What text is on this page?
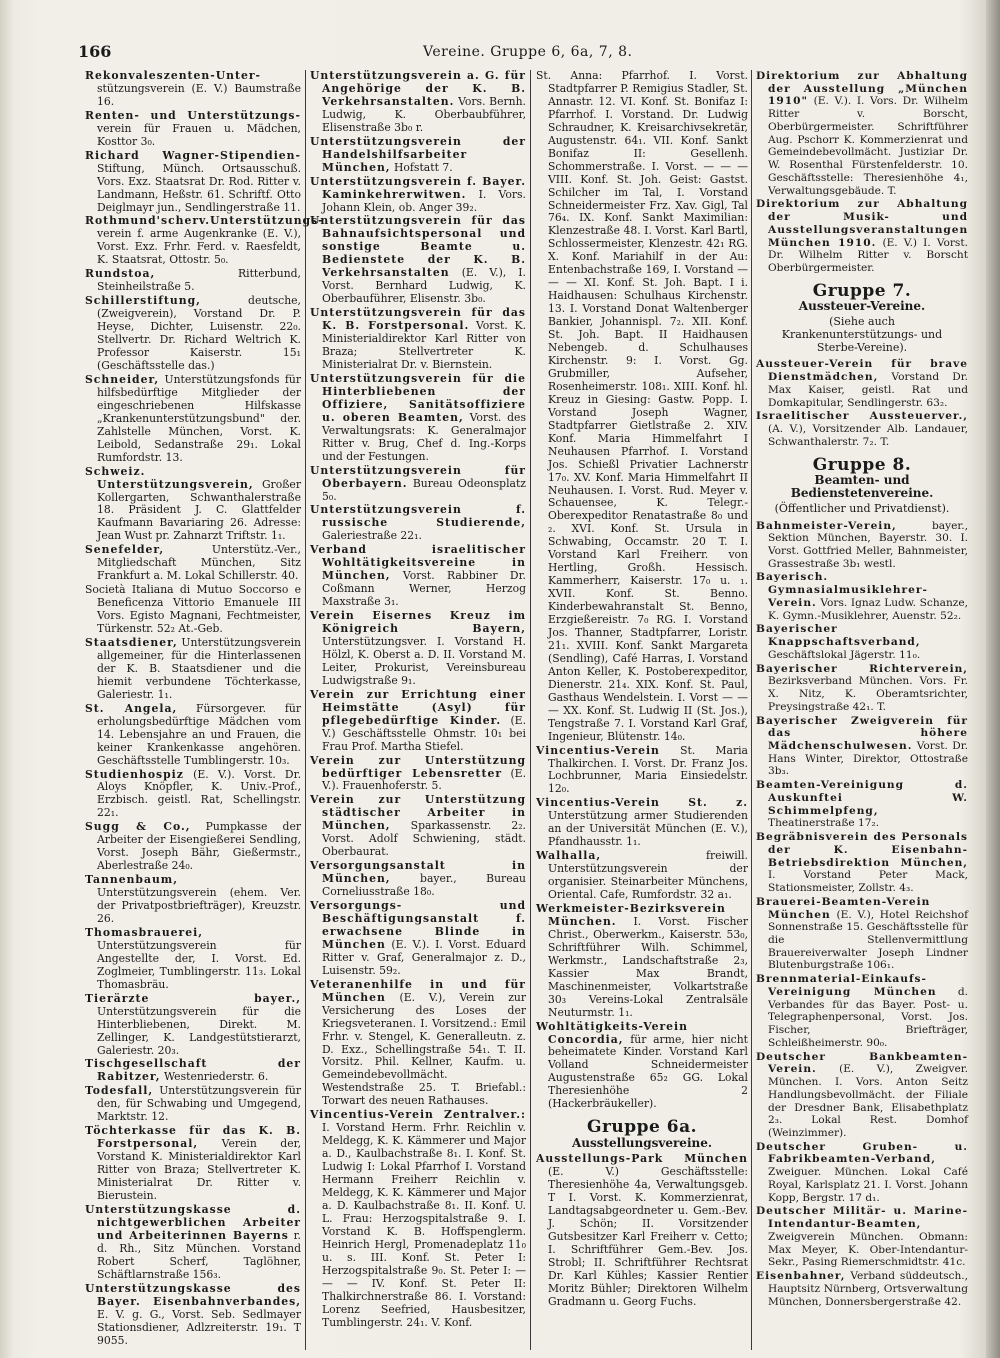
166	Vereine. Gruppe 6, 6a, 7, 8.

Rekonvaleszenten-Unter- stützungsverein (E. V.) Baumstraße 16.

Renten- und Unterstützungs- verein für Frauen u. Mädchen, Kosttor 3₀.

Richard Wagner-Stipendien- Stiftung, Münch. Ortsausschuß. Vors. Exz. Staatsrat Dr. Rod. Ritter v. Landmann, Heßstr. 61. Schriftf. Otto Deiglmayr jun., Sendlingerstraße 11.

Rothmund'scherv.Unterstützungs- verein f. arme Augenkranke (E. V.), Vorst. Exz. Frhr. Ferd. v. Raesfeldt, K. Staatsrat, Ottostr. 5₀.

Rundstoa,	Ritterbund, Steinheilstraße 5.

Schillerstiftung,	deutsche, (Zweigverein), Vorstand Dr. P. Heyse, Dichter, Luisenstr. 22₀. Stellvertr. Dr. Richard Weltrich K. Professor Kaiserstr. 15₁ (Geschäftsstelle das.)

Schneider, Unterstützungsfonds für hilfsbedürftige Mitglieder der eingeschriebenen Hilfskasse „Krankenunterstützungsbund" der. Zahlstelle München, Vorst. K. Leibold, Sedanstraße 29₁. Lokal Rumfordstr. 13.

Schweiz. Unterstützungsverein, Großer Kollergarten, Schwanthalerstraße 18. Präsident J. C. Glattfelder Kaufmann Bavariaring 26. Adresse: Jean Wust pr. Zahnarzt Triftstr. 1₁.

Senefelder,	Unterstütz.-Ver., Mitgliedschaft München, Sitz Frankfurt a. M. Lokal Schillerstr. 40.

Società Italiana di Mutuo Soccorso e Beneficenza Vittorio Emanuele III Vors. Egisto Magnani, Fechtmeister, Türkenstr. 52₂ At.-Geb.

Staatsdiener, Unterstützungsverein allgemeiner, für die Hinterlassenen der K. B. Staatsdiener und die hiemit verbundene Töchterkasse, Galeriestr. 1₁.

St. Angela, Fürsorgever. für erholungsbedürftige Mädchen vom 14. Lebensjahre an und Frauen, die keiner Krankenkasse angehören. Geschäftsstelle Tumblingerstr. 10₃.

Studienhospiz (E. V.). Vorst. Dr. Aloys Knöpfler, K. Univ.-Prof., Erzbisch. geistl. Rat, Schellingstr. 22₁.

Sugg & Co., Pumpkasse der Arbeiter der Eisengießerei Sendling, Vorst. Joseph Bähr, Gießermstr., Aberlestraße 24₀.

Tannenbaum, Unterstützungsverein (ehem. Ver. der Privatpostbriefträger), Kreuzstr. 26.

Thomasbrauerei, Unterstützungsverein für Angestellte der, I. Vorst. Ed. Zoglmeier, Tumblingerstr. 11₃. Lokal Thomasbräu.

Tierärzte bayer., Unterstützungsverein für die Hinterbliebenen, Direkt. M. Zellinger, K. Landgestütstierarzt, Galeriestr. 20₃.

Tischgesellschaft der Rabitzer, Westenriederstr. 6.

Todesfall, Unterstützungsverein für den, für Schwabing und Umgegend, Marktstr. 12.

Töchterkasse für das K. B. Forstpersonal, Verein der, Vorstand K. Ministerialdirektor Karl Ritter von Braza; Stellvertreter K. Ministerialrat Dr. Ritter v. Bierustein.

Unterstützungskasse d. nichtgewerblichen Arbeiter und Arbeiterinnen Bayerns r. d. Rh., Sitz München. Vorstand Robert Scherf, Taglöhner, Schäftlarnstraße 156₃.

Unterstützungskasse des Bayer. Eisenbahnverbandes, E. V. g. G., Vorst. Seb. Sedlmayer Stationsdiener, Adlzreiterstr. 19₁. T 9055.

Unterstützungsverein a. G. für Angehörige der K. B. Verkehrsanstalten. Vors. Bernh. Ludwig, K. Oberbaubführer, Elisenstraße 3b₀ r.

Unterstützungsverein der Handelshilfsarbeiter München, Hofstatt 7.

Unterstützungsverein f. Bayer. Kaminkehrerwitwen. I. Vors. Johann Klein, ob. Anger 39₂.

Unterstützungsverein für das Bahnaufsichtspersonal und sonstige Beamte u. Bedienstete der K. B. Verkehrsanstalten (E. V.), I. Vorst. Bernhard Ludwig, K. Oberbauführer, Elisenstr. 3b₀.

Unterstützungsverein für das K. B. Forstpersonal. Vorst. K. Ministerialdirektor Karl Ritter von Braza; Stellvertreter K. Ministerialrat Dr. v. Biernstein.

Unterstützungsverein für die Hinterbliebenen der Offiziere, Sanitätsoffiziere u. oberen Beamten, Vorst. des Verwaltungsrats: K. Generalmajor Ritter v. Brug, Chef d. Ing.-Korps und der Festungen.

Unterstützungsverein für Oberbayern. Bureau Odeonsplatz 5₀.

Unterstützungsverein f. russische Studierende, Galeriestraße 22₁.

Verband israelitischer Wohltätigkeitsvereine in München, Vorst. Rabbiner Dr. Coßmann Werner, Herzog Maxstraße 3₁.

Verein Eisernes Kreuz im Königreich Bayern, Unterstützungsver. I. Vorstand H. Hölzl, K. Oberst a. D. II. Vorstand M. Leiter, Prokurist, Vereinsbureau Ludwigstraße 9₁.

Verein zur Errichtung einer Heimstätte (Asyl) für pflegebedürftige Kinder. (E. V.) Geschäftsstelle Ohmstr. 10₁ bei Frau Prof. Martha Stiefel.

Verein zur Unterstützung bedürftiger Lebensretter (E. V.). Frauenhoferstr. 5.

Verein zur Unterstützung städtischer Arbeiter in München, Sparkassenstr. 2₂. Vorst. Adolf Schwiening, städt. Oberbaurat.

Versorgungsanstalt in München,	bayer., Bureau Corneliusstraße 18₀.

Versorgungs- und Beschäftigungsanstalt f. erwachsene Blinde in München (E. V.). I. Vorst. Eduard Ritter v. Graf, Generalmajor z. D., Luisenstr. 59₂.

Veteranenhilfe in und für München (E. V.), Verein zur Versicherung des Loses der Kriegsveteranen. I. Vorsitzend.: Emil Frhr. v. Stengel, K. Generalleutn. z. D. Exz., Schellingstraße 54₁. T. II. Vorsitz. Phil. Kellner, Kaufm. u. Gemeindebevollmächt. Westendstraße 25. T. Briefabl.: Torwart des neuen Rathauses.

Vincentius-Verein Zentralver.: I. Vorstand Herm. Frhr. Reichlin v. Meldegg, K. K. Kämmerer und Major a. D., Kaulbachstraße 8₁. I. Konf. St. Ludwig I: Lokal Pfarrhof I. Vorstand Hermann Freiherr Reichlin v. Meldegg, K. K. Kämmerer und Major a. D. Kaulbachstraße 8₁. II. Konf. U. L. Frau: Herzogspitalstraße 9. I. Vorstand K. B. Hoffspenglerm. Heinrich Hergl, Promenadeplatz 11₀ u. s. III. Konf. St. Peter I: Herzogspitalstraße 9₀. St. Peter I: — — — IV. Konf. St. Peter II: Thalkirchnerstraße 86. I. Vorstand: Lorenz Seefried, Hausbesitzer, Tumblingerstr. 24₁. V. Konf.

St. Anna: Pfarrhof. I. Vorst. Stadtpfarrer P. Remigius Stadler, St. Annastr. 12. VI. Konf. St. Bonifaz I: Pfarrhof. I. Vorstand. Dr. Ludwig Schraudner, K. Kreisarchivsekretär, Augustenstr. 64₁. VII. Konf. Sankt Bonifaz II: Gesellenh. Schommerstraße. I. Vorst. — — — VIII. Konf. St. Joh. Geist: Gastst. Schilcher im Tal, I. Vorstand Schneidermeister Frz. Xav. Gigl, Tal 76₄. IX. Konf. Sankt Maximilian: Klenzestraße 48. I. Vorst. Karl Bartl, Schlossermeister, Klenzestr. 42₁ RG. X. Konf. Mariahilf in der Au: Entenbachstraße 169, I. Vorstand — — — XI. Konf. St. Joh. Bapt. I i. Haidhausen: Schulhaus Kirchenstr. 13. I. Vorstand Donat Waltenberger Bankier, Johannispl. 7₂. XII. Konf. St. Joh. Bapt. II Haidhausen Nebengeb. d. Schulhauses Kirchenstr. 9: I. Vorst. Gg. Grubmiller, Aufseher, Rosenheimerstr. 108₁. XIII. Konf. hl. Kreuz in Giesing: Gastw. Popp. I. Vorstand Joseph Wagner, Stadtpfarrer Gietlstraße 2. XIV. Konf. Maria Himmelfahrt I Neuhausen Pfarrhof. I. Vorstand Jos. Schießl Privatier Lachnerstr 17₀. XV. Konf. Maria Himmelfahrt II Neuhausen. I. Vorst. Rud. Meyer v. Schauensee, K. Telegr.-Oberexpeditor Renatastraße 8₀ und ₂. XVI. Konf. St. Ursula in Schwabing, Occamstr. 20 T. I. Vorstand Karl Freiherr. von Hertling, Großh. Hessisch. Kammerherr, Kaiserstr. 17₀ u. ₁. XVII. Konf. St. Benno. Kinderbewahranstalt St. Benno, Erzgießereistr. 7₀ RG. I. Vorstand Jos. Thanner, Stadtpfarrer, Loristr. 21₁. XVIII. Konf. Sankt Margareta (Sendling), Café Harras, I. Vorstand Anton Keller, K. Postoberexpeditor, Dienerstr. 21₄. XIX. Konf. St. Paul, Gasthaus Wendelstein. I. Vorst — — — XX. Konf. St. Ludwig II (St. Jos.), Tengstraße 7. I. Vorstand Karl Graf, Ingenieur, Blütenstr. 14₀.

Vincentius-Verein St. Maria Thalkirchen. I. Vorst. Dr. Franz Jos. Lochbrunner, Maria Einsiedelstr. 12₀.

Vincentius-Verein St. z. Unterstützung armer Studierenden an der Universität München (E. V.), Pfandhausstr. 1₁.

Walhalla,	freiwill. Unterstützungsverein der organisier. Steinarbeiter Münchens, Oriental. Cafe, Rumfordstr. 32 a₁.

Werkmeister-Bezirksverein München. I. Vorst. Fischer Christ., Oberwerkm., Kaiserstr. 53₀, Schriftführer Wilh. Schimmel, Werkmstr., Landschaftstraße 2₃, Kassier Max Brandt, Maschinenmeister, Volkartstraße 30₃ Vereins-Lokal Zentralsäle Neuturmstr. 1₁.

Wohltätigkeits-Verein Concordia, für arme, hier nicht beheimatete Kinder. Vorstand Karl Volland Schneidermeister Augustenstraße 65₂ GG. Lokal Theresienhöhe 2 (Hackerbräukeller).

Gruppe 6a.
Ausstellungsvereine.

Ausstellungs-Park München (E. V.) Geschäftsstelle: Theresienhöhe 4a, Verwaltungsgeb. T I. Vorst. K. Kommerzienrat, Landtagsabgeordneter u. Gem.-Bev. J. Schön; II. Vorsitzender Gutsbesitzer Karl Freiherr v. Cetto; I. Schriftführer Gem.-Bev. Jos. Strobl; II. Schriftführer Rechtsrat Dr. Karl Kühles; Kassier Rentier Moritz Bühler; Direktoren Wilhelm Gradmann u. Georg Fuchs.

Direktorium zur Abhaltung der Ausstellung „München 1910" (E. V.). I. Vors. Dr. Wilhelm Ritter v. Borscht, Oberbürgermeister. Schriftführer Aug. Pschorr K. Kommerzienrat und Gemeindebevollmächt. Justiziar Dr. W. Rosenthal Fürstenfelderstr. 10. Geschäftsstelle: Theresienhöhe 4₁, Verwaltungsgebäude. T.

Direktorium zur Abhaltung der Musik- und Ausstellungsveranstaltungen München 1910. (E. V.) I. Vorst. Dr. Wilhelm Ritter v. Borscht Oberbürgermeister.

Gruppe 7.
Aussteuer-Vereine.
(Siehe auch Krankenunterstützungs- und Sterbe-Vereine).

Aussteuer-Verein für brave Dienstmädchen, Vorstand Dr. Max Kaiser, geistl. Rat und Domkapitular, Sendlingerstr. 63₂.

Israelitischer Aussteuerver., (A. V.), Vorsitzender Alb. Landauer, Schwanthalerstr. 7₂. T.

Gruppe 8.
Beamten- und Bedienstetenvereine.
(Öffentlicher und Privatdienst).

Bahnmeister-Verein,	bayer., Sektion München, Bayerstr. 30. I. Vorst. Gottfried Meller, Bahnmeister, Grassestraße 3b₁ westl.

Bayerisch. Gymnasialmusiklehrer-Verein. Vors. Ignaz Ludw. Schanze, K. Gymn.-Musiklehrer, Auenstr. 52₂.

Bayerischer Knappschaftsverband, Geschäftslokal Jägerstr. 11₀.

Bayerischer Richterverein, Bezirksverband München. Vors. Fr. X. Nitz, K. Oberamtsrichter, Preysingstraße 42₁. T.

Bayerischer Zweigverein für das höhere Mädchenschulwesen. Vorst. Dr. Hans Winter, Direktor, Ottostraße 3b₃.

Beamten-Vereinigung d. Auskunftei W. Schimmelpfeng, Theatinerstraße 17₂.

Begräbnisverein des Personals der K. Eisenbahn-Betriebsdirektion München, I. Vorstand Peter Mack, Stationsmeister, Zollstr. 4₃.

Brauerei-Beamten-Verein München (E. V.), Hotel Reichshof Sonnenstraße 15. Geschäftsstelle für die Stellenvermittlung Brauereiverwalter Joseph Lindner Blutenburgstraße 106₁.

Brennmaterial-Einkaufs-Vereinigung München d. Verbandes für das Bayer. Post- u. Telegraphenpersonal, Vorst. Jos. Fischer, Briefträger, Schleißheimerstr. 90₀.

Deutscher Bankbeamten-Verein. (E. V.), Zweigver. München. I. Vors. Anton Seitz Handlungsbevollmächt. der Filiale der Dresdner Bank, Elisabethplatz 2₃. Lokal Rest. Domhof (Weinzimmer).

Deutscher Gruben- u. Fabrikbeamten-Verband, Zweiguer. München. Lokal Café Royal, Karlsplatz 21. I. Vorst. Johann Kopp, Bergstr. 17 d₁.

Deutscher Militär- u. Marine-Intendantur-Beamten, Zweigverein München. Obmann: Max Meyer, K. Ober-Intendantur-Sekr., Pasing Riemerschmidtstr. 41c.

Eisenbahner, Verband süddeutsch., Hauptsitz Nürnberg, Ortsverwaltung München, Donnersbergerstraße 42.
